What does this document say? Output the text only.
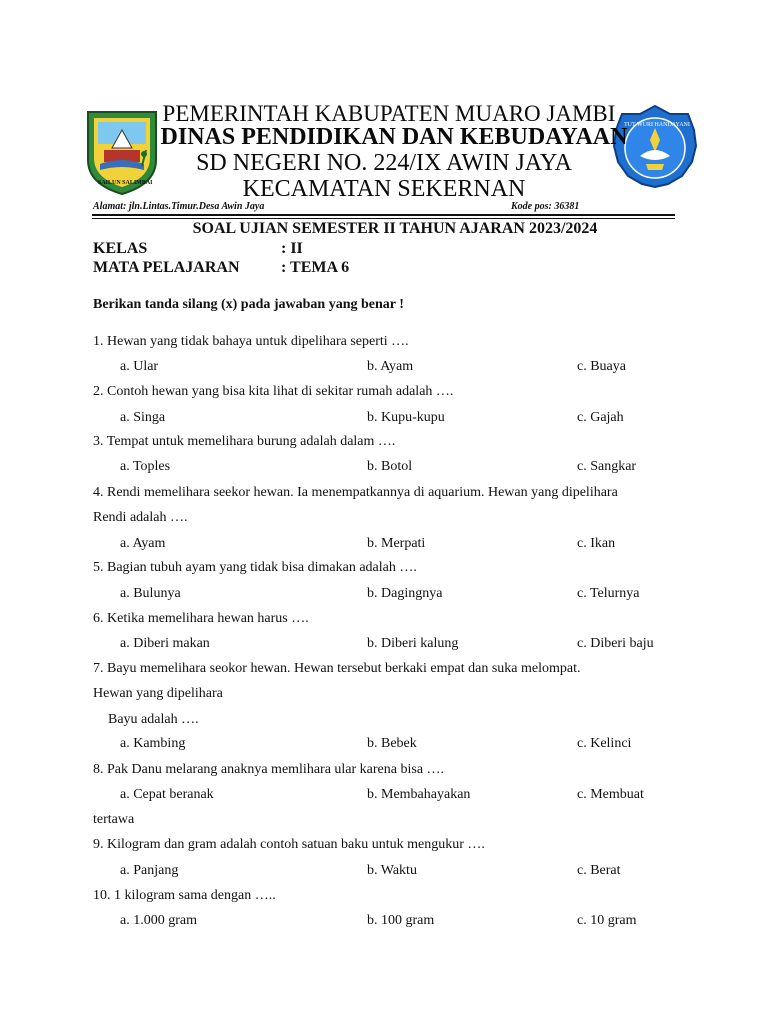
SAILUN SALIMBAI
TUT WURI HANDAYANI
PEMERINTAH KABUPATEN MUARO JAMBI
DINAS PENDIDIKAN DAN KEBUDAYAAN
SD NEGERI NO. 224/IX AWIN JAYA
KECAMATAN SEKERNAN
Alamat: jln.Lintas.Timur.Desa Awin Jaya	Kode pos: 36381
SOAL UJIAN SEMESTER II TAHUN AJARAN 2023/2024
KELAS	: II
MATA PELAJARAN	: TEMA 6
Berikan tanda silang (x) pada jawaban yang benar !
1. Hewan yang tidak bahaya untuk dipelihara seperti ….
a. Ular	b. Ayam	c. Buaya
2. Contoh hewan yang bisa kita lihat di sekitar rumah adalah ….
a. Singa	b. Kupu-kupu	c. Gajah
3. Tempat untuk memelihara burung adalah dalam ….
a. Toples	b. Botol	c. Sangkar
4. Rendi memelihara seekor hewan. Ia menempatkannya di aquarium. Hewan yang dipelihara
Rendi adalah ….
a. Ayam	b. Merpati	c. Ikan
5. Bagian tubuh ayam yang tidak bisa dimakan adalah ….
a. Bulunya	b. Dagingnya	c. Telurnya
6. Ketika memelihara hewan harus ….
a. Diberi makan	b. Diberi kalung	c. Diberi baju
7. Bayu memelihara seokor hewan. Hewan tersebut berkaki empat dan suka melompat.
Hewan yang dipelihara
Bayu adalah ….
a. Kambing	b. Bebek	c. Kelinci
8. Pak Danu melarang anaknya memlihara ular karena bisa ….
a. Cepat beranak	b. Membahayakan	c. Membuat
tertawa
9. Kilogram dan gram adalah contoh satuan baku untuk mengukur ….
a. Panjang	b. Waktu	c. Berat
10. 1 kilogram sama dengan …..
a. 1.000 gram	b. 100 gram	c. 10 gram
